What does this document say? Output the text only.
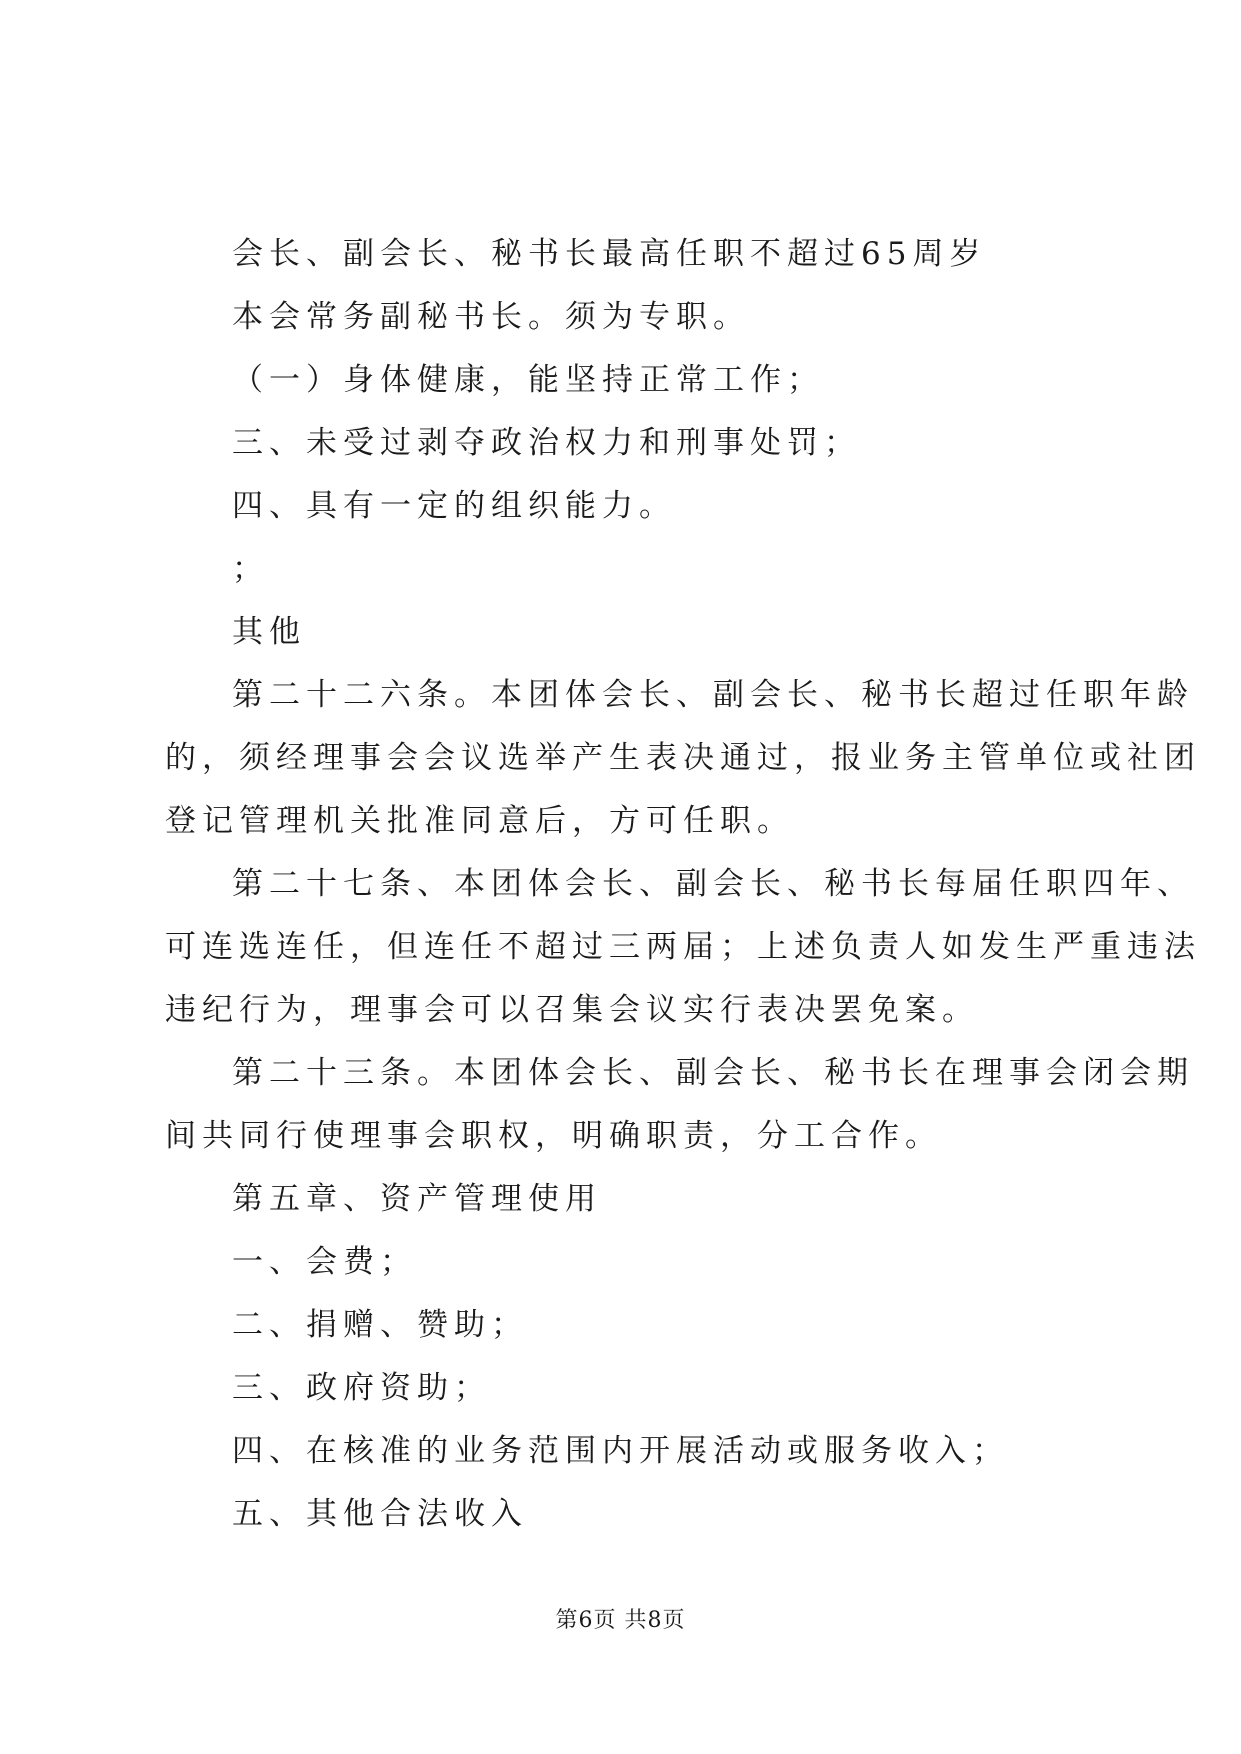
会长、副会长、秘书长最高任职不超过65周岁
本会常务副秘书长。须为专职。
（一）身体健康，能坚持正常工作；
三、未受过剥夺政治权力和刑事处罚；
四、具有一定的组织能力。
；
其他
第二十二六条。本团体会长、副会长、秘书长超过任职年龄
的，须经理事会会议选举产生表决通过，报业务主管单位或社团
登记管理机关批准同意后，方可任职。
第二十七条、本团体会长、副会长、秘书长每届任职四年、
可连选连任，但连任不超过三两届；上述负责人如发生严重违法
违纪行为，理事会可以召集会议实行表决罢免案。
第二十三条。本团体会长、副会长、秘书长在理事会闭会期
间共同行使理事会职权，明确职责，分工合作。
第五章、资产管理使用
一、会费；
二、捐赠、赞助；
三、政府资助；
四、在核准的业务范围内开展活动或服务收入；
五、其他合法收入
第6页 共8页
